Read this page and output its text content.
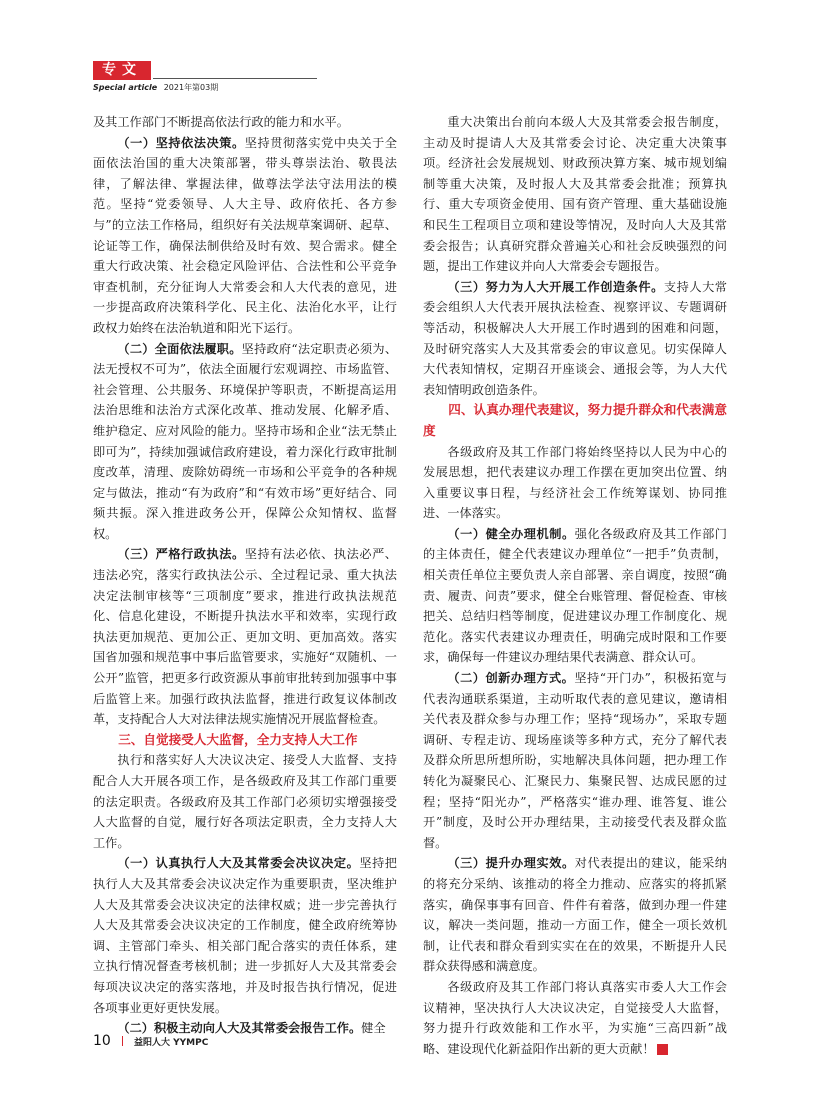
专文
Special article 2021年第03期

及其工作部门不断提高依法行政的能力和水平。

（一）坚持依法决策。坚持贯彻落实党中央关于全面依法治国的重大决策部署，带头尊崇法治、敬畏法律，了解法律、掌握法律，做尊法学法守法用法的模范。坚持“党委领导、人大主导、政府依托、各方参与”的立法工作格局，组织好有关法规草案调研、起草、论证等工作，确保法制供给及时有效、契合需求。健全重大行政决策、社会稳定风险评估、合法性和公平竞争审查机制，充分征询人大常委会和人大代表的意见，进一步提高政府决策科学化、民主化、法治化水平，让行政权力始终在法治轨道和阳光下运行。

（二）全面依法履职。坚持政府“法定职责必须为、法无授权不可为”，依法全面履行宏观调控、市场监管、社会管理、公共服务、环境保护等职责，不断提高运用法治思维和法治方式深化改革、推动发展、化解矛盾、维护稳定、应对风险的能力。坚持市场和企业“法无禁止即可为”，持续加强诚信政府建设，着力深化行政审批制度改革，清理、废除妨碍统一市场和公平竞争的各种规定与做法，推动“有为政府”和“有效市场”更好结合、同频共振。深入推进政务公开，保障公众知情权、监督权。

（三）严格行政执法。坚持有法必依、执法必严、违法必究，落实行政执法公示、全过程记录、重大执法决定法制审核等“三项制度”要求，推进行政执法规范化、信息化建设，不断提升执法水平和效率，实现行政执法更加规范、更加公正、更加文明、更加高效。落实国省加强和规范事中事后监管要求，实施好“双随机、一公开”监管，把更多行政资源从事前审批转到加强事中事后监管上来。加强行政执法监督，推进行政复议体制改革，支持配合人大对法律法规实施情况开展监督检查。

三、自觉接受人大监督，全力支持人大工作

执行和落实好人大决议决定、接受人大监督、支持配合人大开展各项工作，是各级政府及其工作部门重要的法定职责。各级政府及其工作部门必须切实增强接受人大监督的自觉，履行好各项法定职责，全力支持人大工作。

（一）认真执行人大及其常委会决议决定。坚持把执行人大及其常委会决议决定作为重要职责，坚决维护人大及其常委会决议决定的法律权威；进一步完善执行人大及其常委会决议决定的工作制度，健全政府统筹协调、主管部门牵头、相关部门配合落实的责任体系，建立执行情况督查考核机制；进一步抓好人大及其常委会每项决议决定的落实落地，并及时报告执行情况，促进各项事业更好更快发展。

（二）积极主动向人大及其常委会报告工作。健全

重大决策出台前向本级人大及其常委会报告制度，主动及时提请人大及其常委会讨论、决定重大决策事项。经济社会发展规划、财政预决算方案、城市规划编制等重大决策，及时报人大及其常委会批准；预算执行、重大专项资金使用、国有资产管理、重大基础设施和民生工程项目立项和建设等情况，及时向人大及其常委会报告；认真研究群众普遍关心和社会反映强烈的问题，提出工作建议并向人大常委会专题报告。

（三）努力为人大开展工作创造条件。支持人大常委会组织人大代表开展执法检查、视察评议、专题调研等活动，积极解决人大开展工作时遇到的困难和问题，及时研究落实人大及其常委会的审议意见。切实保障人大代表知情权，定期召开座谈会、通报会等，为人大代表知情明政创造条件。

四、认真办理代表建议，努力提升群众和代表满意度

各级政府及其工作部门将始终坚持以人民为中心的发展思想，把代表建议办理工作摆在更加突出位置、纳入重要议事日程，与经济社会工作统筹谋划、协同推进、一体落实。

（一）健全办理机制。强化各级政府及其工作部门的主体责任，健全代表建议办理单位“一把手”负责制，相关责任单位主要负责人亲自部署、亲自调度，按照“确责、履责、问责”要求，健全台账管理、督促检查、审核把关、总结归档等制度，促进建议办理工作制度化、规范化。落实代表建议办理责任，明确完成时限和工作要求，确保每一件建议办理结果代表满意、群众认可。

（二）创新办理方式。坚持“开门办”，积极拓宽与代表沟通联系渠道，主动听取代表的意见建议，邀请相关代表及群众参与办理工作；坚持“现场办”，采取专题调研、专程走访、现场座谈等多种方式，充分了解代表及群众所思所想所盼，实地解决具体问题，把办理工作转化为凝聚民心、汇聚民力、集聚民智、达成民愿的过程；坚持“阳光办”，严格落实“谁办理、谁答复、谁公开”制度，及时公开办理结果，主动接受代表及群众监督。

（三）提升办理实效。对代表提出的建议，能采纳的将充分采纳、该推动的将全力推动、应落实的将抓紧落实，确保事事有回音、件件有着落，做到办理一件建议，解决一类问题，推动一方面工作，健全一项长效机制，让代表和群众看到实实在在的效果，不断提升人民群众获得感和满意度。

各级政府及其工作部门将认真落实市委人大工作会议精神，坚决执行人大决议决定，自觉接受人大监督，努力提升行政效能和工作水平，为实施“三高四新”战略、建设现代化新益阳作出新的更大贡献！	人

10	益阳人大 YYMPC
